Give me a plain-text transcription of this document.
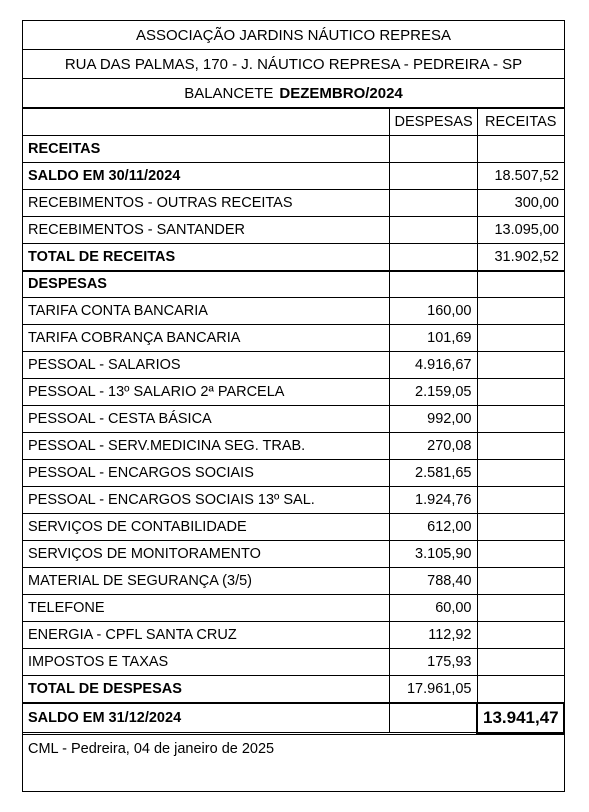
ASSOCIAÇÃO JARDINS NÁUTICO REPRESA
RUA DAS PALMAS, 170 - J. NÁUTICO REPRESA - PEDREIRA - SP
BALANCETE DEZEMBRO/2024
	DESPESAS	RECEITAS
RECEITAS		
SALDO EM 30/11/2024		18.507,52
RECEBIMENTOS - OUTRAS RECEITAS		300,00
RECEBIMENTOS - SANTANDER		13.095,00
TOTAL DE RECEITAS		31.902,52
DESPESAS		
TARIFA CONTA BANCARIA	160,00	
TARIFA COBRANÇA BANCARIA	101,69	
PESSOAL - SALARIOS	4.916,67	
PESSOAL - 13º SALARIO 2ª PARCELA	2.159,05	
PESSOAL - CESTA BÁSICA	992,00	
PESSOAL - SERV.MEDICINA SEG. TRAB.	270,08	
PESSOAL - ENCARGOS SOCIAIS	2.581,65	
PESSOAL - ENCARGOS SOCIAIS 13º SAL.	1.924,76	
SERVIÇOS DE CONTABILIDADE	612,00	
SERVIÇOS DE MONITORAMENTO	3.105,90	
MATERIAL DE SEGURANÇA (3/5)	788,40	
TELEFONE	60,00	
ENERGIA - CPFL SANTA CRUZ	112,92	
IMPOSTOS E TAXAS	175,93	
TOTAL DE DESPESAS	17.961,05	
SALDO EM 31/12/2024		13.941,47
CML - Pedreira, 04 de janeiro de 2025
